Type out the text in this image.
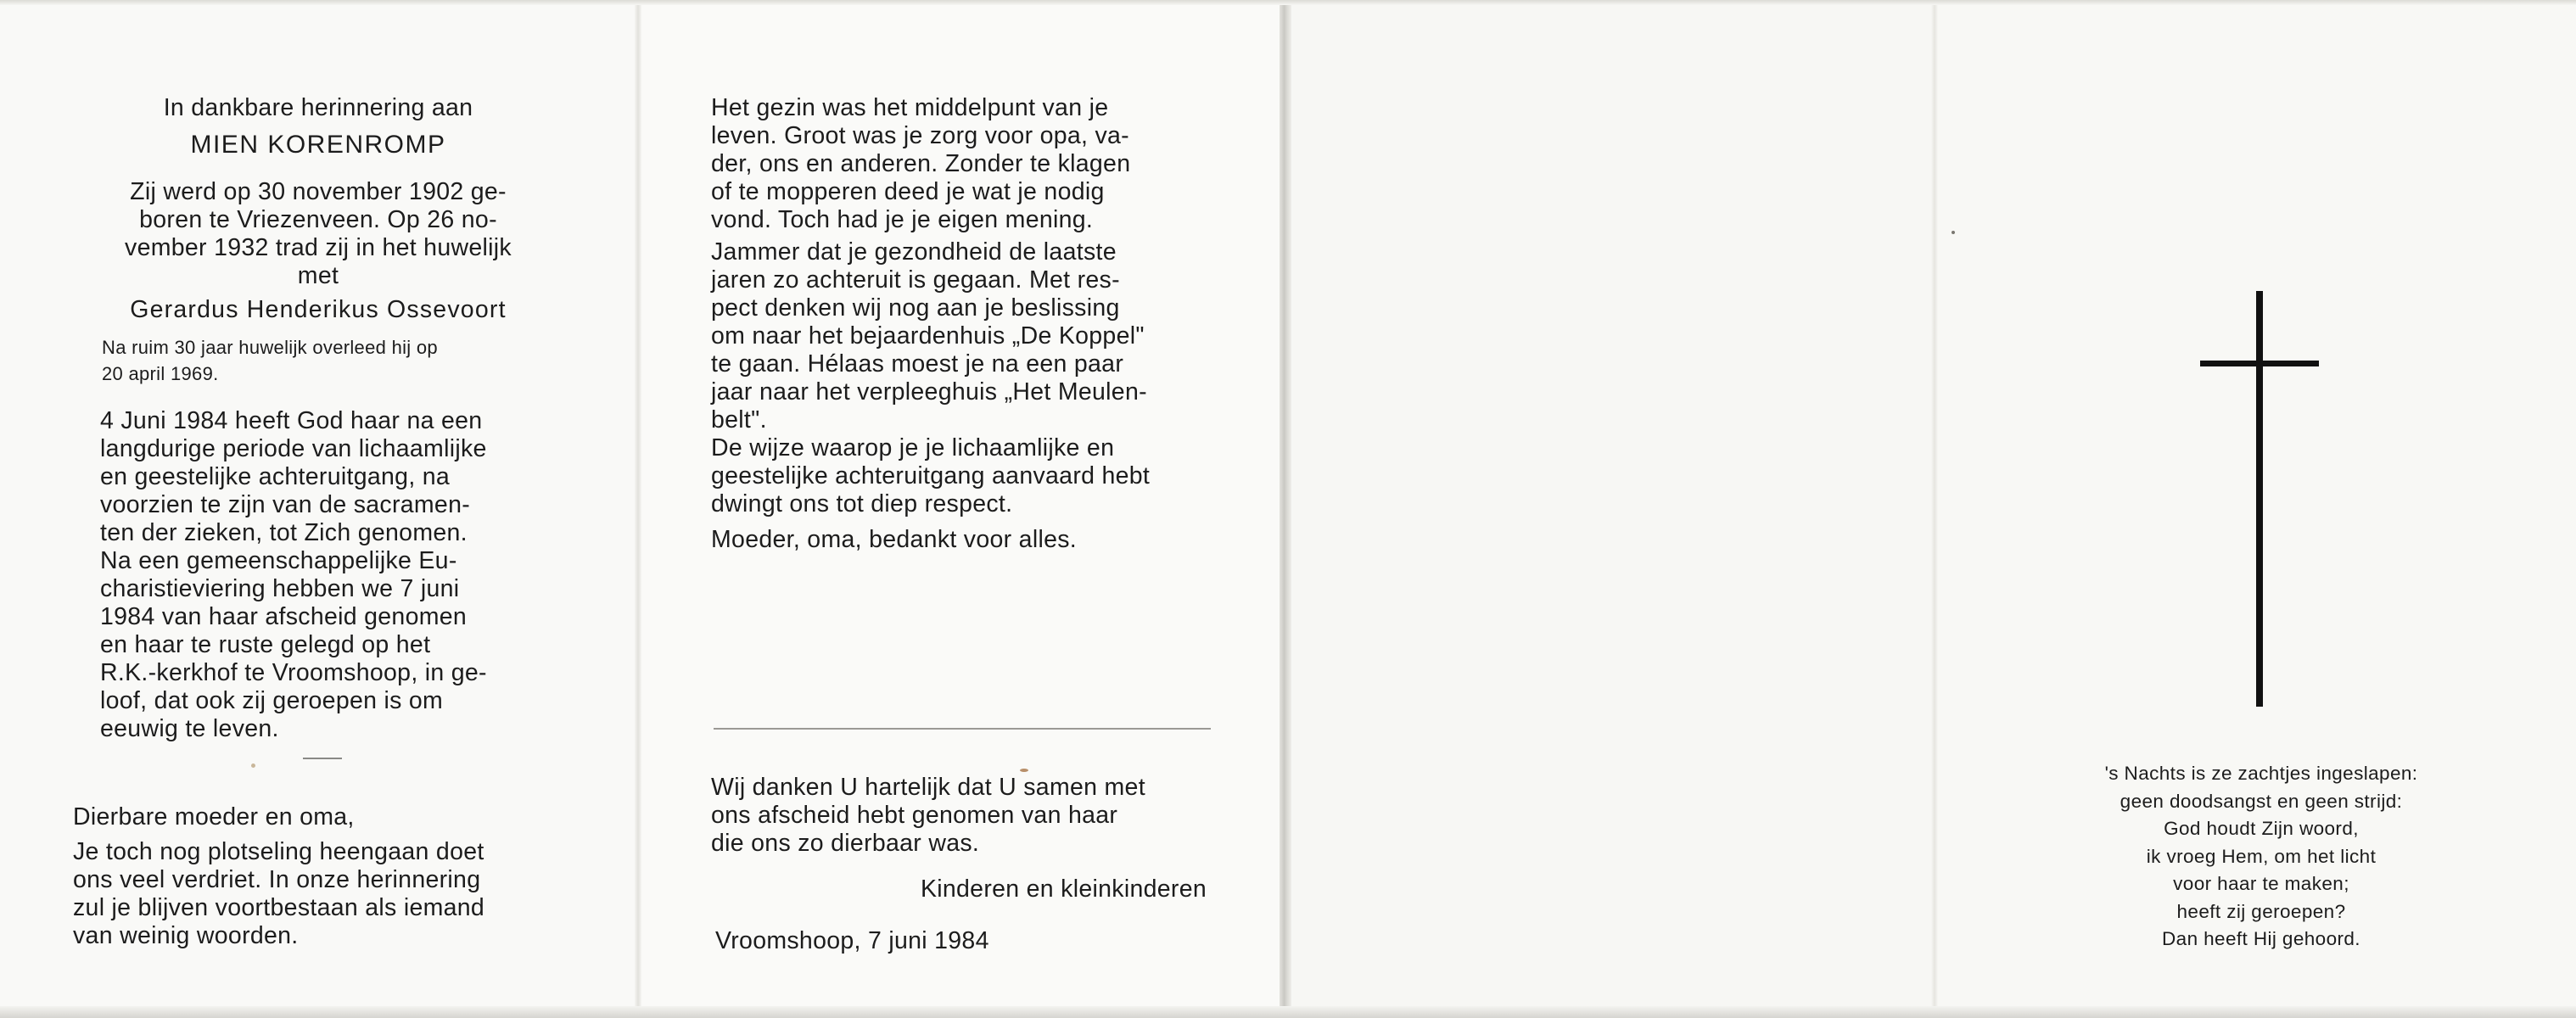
In dankbare herinnering aan
MIEN KORENROMP
Zij werd op 30 november 1902 ge-
boren te Vriezenveen. Op 26 no-
vember 1932 trad zij in het huwelijk
met
Gerardus Henderikus Ossevoort
Na ruim 30 jaar huwelijk overleed hij op
20 april 1969.
4 Juni 1984 heeft God haar na een
langdurige periode van lichaamlijke
en geestelijke achteruitgang, na
voorzien te zijn van de sacramen-
ten der zieken, tot Zich genomen.
Na een gemeenschappelijke Eu-
charistieviering hebben we 7 juni
1984 van haar afscheid genomen
en haar te ruste gelegd op het
R.K.-kerkhof te Vroomshoop, in ge-
loof, dat ook zij geroepen is om
eeuwig te leven.
Dierbare moeder en oma,
Je toch nog plotseling heengaan doet
ons veel verdriet. In onze herinnering
zul je blijven voortbestaan als iemand
van weinig woorden.
Het gezin was het middelpunt van je
leven. Groot was je zorg voor opa, va-
der, ons en anderen. Zonder te klagen
of te mopperen deed je wat je nodig
vond. Toch had je je eigen mening.
Jammer dat je gezondheid de laatste
jaren zo achteruit is gegaan. Met res-
pect denken wij nog aan je beslissing
om naar het bejaardenhuis „De Koppel"
te gaan. Hélaas moest je na een paar
jaar naar het verpleeghuis „Het Meulen-
belt".
De wijze waarop je je lichaamlijke en
geestelijke achteruitgang aanvaard hebt
dwingt ons tot diep respect.
Moeder, oma, bedankt voor alles.
Wij danken U hartelijk dat U samen met
ons afscheid hebt genomen van haar
die ons zo dierbaar was.
Kinderen en kleinkinderen
Vroomshoop, 7 juni 1984
's Nachts is ze zachtjes ingeslapen:
geen doodsangst en geen strijd:
God houdt Zijn woord,
ik vroeg Hem, om het licht
voor haar te maken;
heeft zij geroepen?
Dan heeft Hij gehoord.
